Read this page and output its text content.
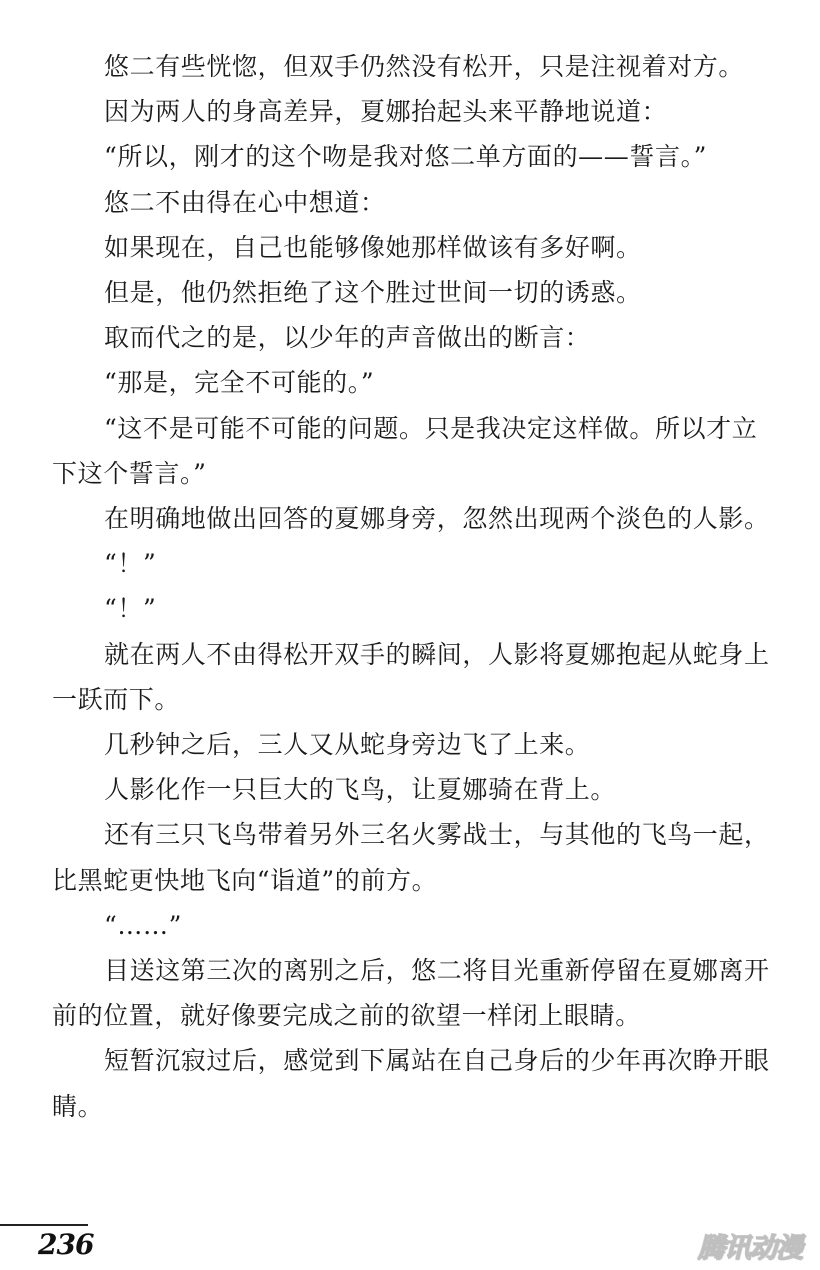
悠二有些恍惚，但双手仍然没有松开，只是注视着对方。

因为两人的身高差异，夏娜抬起头来平静地说道：

“所以，刚才的这个吻是我对悠二单方面的——誓言。”

悠二不由得在心中想道：

如果现在，自己也能够像她那样做该有多好啊。

但是，他仍然拒绝了这个胜过世间一切的诱惑。

取而代之的是，以少年的声音做出的断言：

“那是，完全不可能的。”

“这不是可能不可能的问题。只是我决定这样做。所以才立下这个誓言。”

在明确地做出回答的夏娜身旁，忽然出现两个淡色的人影。

“！”

“！”

就在两人不由得松开双手的瞬间，人影将夏娜抱起从蛇身上一跃而下。

几秒钟之后，三人又从蛇身旁边飞了上来。

人影化作一只巨大的飞鸟，让夏娜骑在背上。

还有三只飞鸟带着另外三名火雾战士，与其他的飞鸟一起，比黑蛇更快地飞向“诣道”的前方。

“……”

目送这第三次的离别之后，悠二将目光重新停留在夏娜离开前的位置，就好像要完成之前的欲望一样闭上眼睛。

短暂沉寂过后，感觉到下属站在自己身后的少年再次睁开眼睛。

236	腾讯动漫
